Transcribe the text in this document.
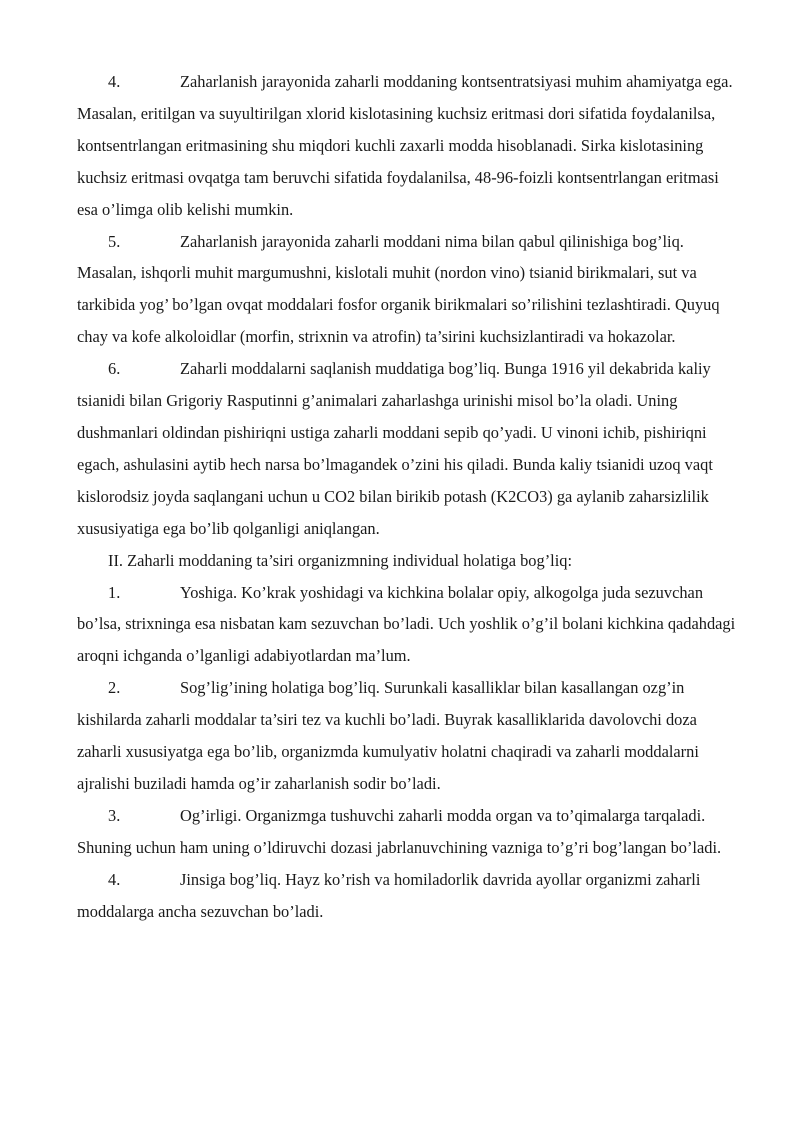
4.	Zaharlanish jarayonida zaharli moddaning kontsentratsiyasi muhim ahamiyatga ega. Masalan, eritilgan va suyultirilgan xlorid kislotasining kuchsiz eritmasi dori sifatida foydalanilsa, kontsentrlangan eritmasining shu miqdori kuchli zaxarli modda hisoblanadi. Sirka kislotasining kuchsiz eritmasi ovqatga tam beruvchi sifatida foydalanilsa, 48-96-foizli kontsentrlangan eritmasi esa o’limga olib kelishi mumkin.

5.	Zaharlanish jarayonida zaharli moddani nima bilan qabul qilinishiga bog’liq. Masalan, ishqorli muhit margumushni, kislotali muhit (nordon vino) tsianid birikmalari, sut va tarkibida yog’ bo’lgan ovqat moddalari fosfor organik birikmalari so’rilishini tezlashtiradi. Quyuq chay va kofe alkoloidlar (morfin, strixnin va atrofin) ta’sirini kuchsizlantiradi va hokazolar.

6.	Zaharli moddalarni saqlanish muddatiga bog’liq. Bunga 1916 yil dekabrida kaliy tsianidi bilan Grigoriy Rasputinni g’animalari zaharlashga urinishi misol bo’la oladi. Uning dushmanlari oldindan pishiriqni ustiga zaharli moddani sepib qo’yadi. U vinoni ichib, pishiriqni egach, ashulasini aytib hech narsa bo’lmagandek o’zini his qiladi. Bunda kaliy tsianidi uzoq vaqt kislorodsiz joyda saqlangani uchun u CO2 bilan birikib potash (K2CO3) ga aylanib zaharsizlilik xususiyatiga ega bo’lib qolganligi aniqlangan.

II. Zaharli moddaning ta’siri organizmning individual holatiga bog’liq:

1.	Yoshiga. Ko’krak yoshidagi va kichkina bolalar opiy, alkogolga juda sezuvchan bo’lsa, strixninga esa nisbatan kam sezuvchan bo’ladi. Uch yoshlik o’g’il bolani kichkina qadahdagi aroqni ichganda o’lganligi adabiyotlardan ma’lum.

2.	Sog’lig’ining holatiga bog’liq. Surunkali kasalliklar bilan kasallangan ozg’in kishilarda zaharli moddalar ta’siri tez va kuchli bo’ladi. Buyrak kasalliklarida davolovchi doza zaharli xususiyatga ega bo’lib, organizmda kumulyativ holatni chaqiradi va zaharli moddalarni ajralishi buziladi hamda og’ir zaharlanish sodir bo’ladi.

3.	Og’irligi. Organizmga tushuvchi zaharli modda organ va to’qimalarga tarqaladi. Shuning uchun ham uning o’ldiruvchi dozasi jabrlanuvchining vazniga to’g’ri bog’langan bo’ladi.

4.	Jinsiga bog’liq. Hayz ko’rish va homiladorlik davrida ayollar organizmi zaharli moddalarga ancha sezuvchan bo’ladi.
